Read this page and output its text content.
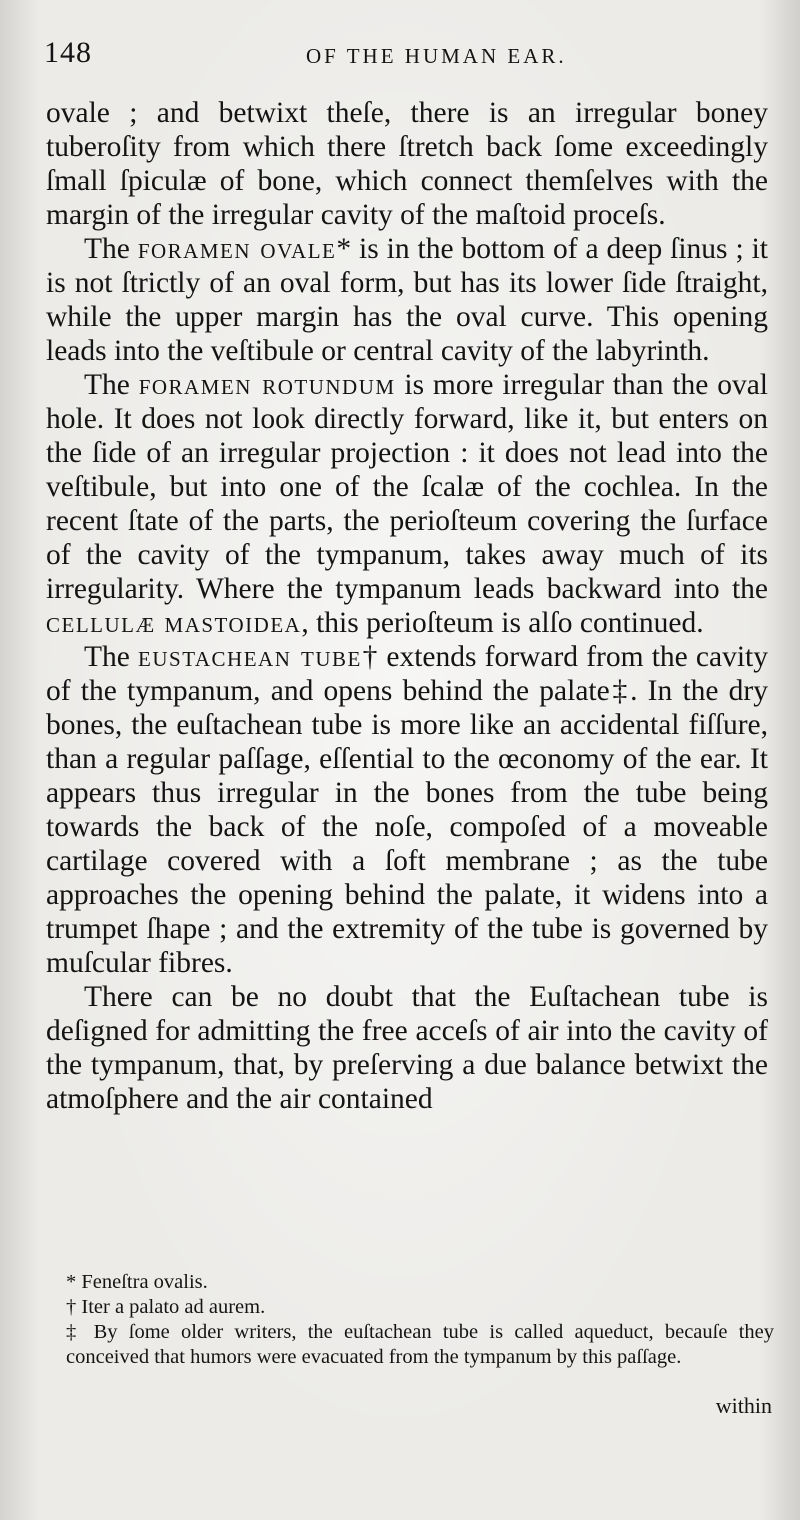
148	OF THE HUMAN EAR.

ovale ; and betwixt theſe, there is an irregular boney tuberoſity from which there ſtretch back ſome exceedingly ſmall ſpiculæ of bone, which connect themſelves with the margin of the irregular cavity of the maſtoid proceſs.

The foramen ovale* is in the bottom of a deep ſinus ; it is not ſtrictly of an oval form, but has its lower ſide ſtraight, while the upper margin has the oval curve. This opening leads into the veſtibule or central cavity of the labyrinth.

The foramen rotundum is more irregular than the oval hole. It does not look directly forward, like it, but enters on the ſide of an irregular projection : it does not lead into the veſtibule, but into one of the ſcalæ of the cochlea. In the recent ſtate of the parts, the perioſteum covering the ſurface of the cavity of the tympanum, takes away much of its irregularity. Where the tympanum leads backward into the cellulæ mastoidea, this perioſteum is alſo continued.

The eustachean tube† extends forward from the cavity of the tympanum, and opens behind the palate‡. In the dry bones, the euſtachean tube is more like an accidental fiſſure, than a regular paſſage, eſſential to the œconomy of the ear. It appears thus irregular in the bones from the tube being towards the back of the noſe, compoſed of a moveable cartilage covered with a ſoft membrane ; as the tube approaches the opening behind the palate, it widens into a trumpet ſhape ; and the extremity of the tube is governed by muſcular fibres.

There can be no doubt that the Euſtachean tube is deſigned for admitting the free acceſs of air into the cavity of the tympanum, that, by preſerving a due balance betwixt the atmoſphere and the air contained

* Feneſtra ovalis.

† Iter a palato ad aurem.

‡ By ſome older writers, the euſtachean tube is called aqueduct, becauſe they conceived that humors were evacuated from the tympanum by this paſſage.

within
